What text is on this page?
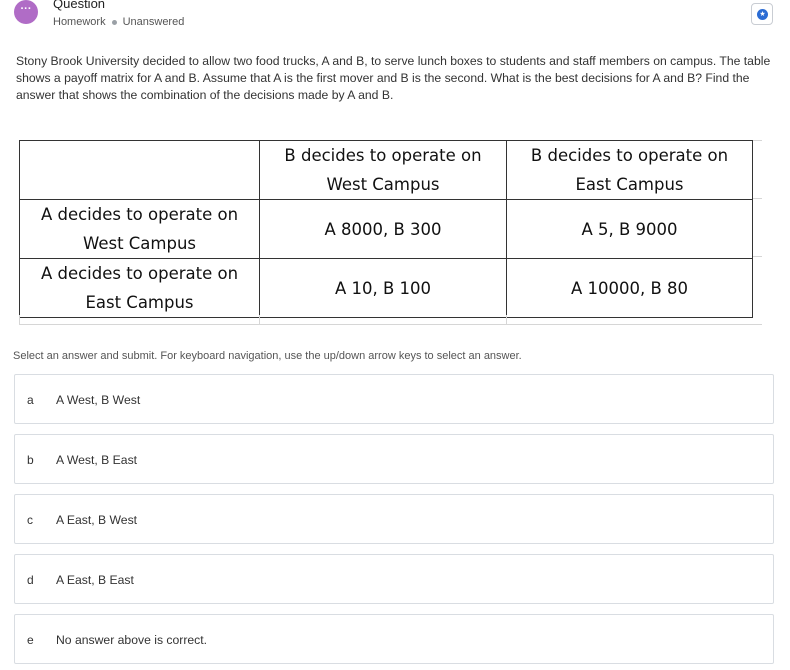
···	Question
Homework Unanswered
★
Stony Brook University decided to allow two food trucks, A and B, to serve lunch boxes to students and staff members on campus. The table shows a payoff matrix for A and B. Assume that A is the first mover and B is the second. What is the best decisions for A and B? Find the answer that shows the combination of the decisions made by A and B.
	B decides to operate on West Campus	B decides to operate on East Campus
A decides to operate on West Campus	A 8000, B 300	A 5, B 9000
A decides to operate on East Campus	A 10, B 100	A 10000, B 80
Select an answer and submit. For keyboard navigation, use the up/down arrow keys to select an answer.
a A West, B West
b A West, B East
c A East, B West
d A East, B East
e No answer above is correct.
